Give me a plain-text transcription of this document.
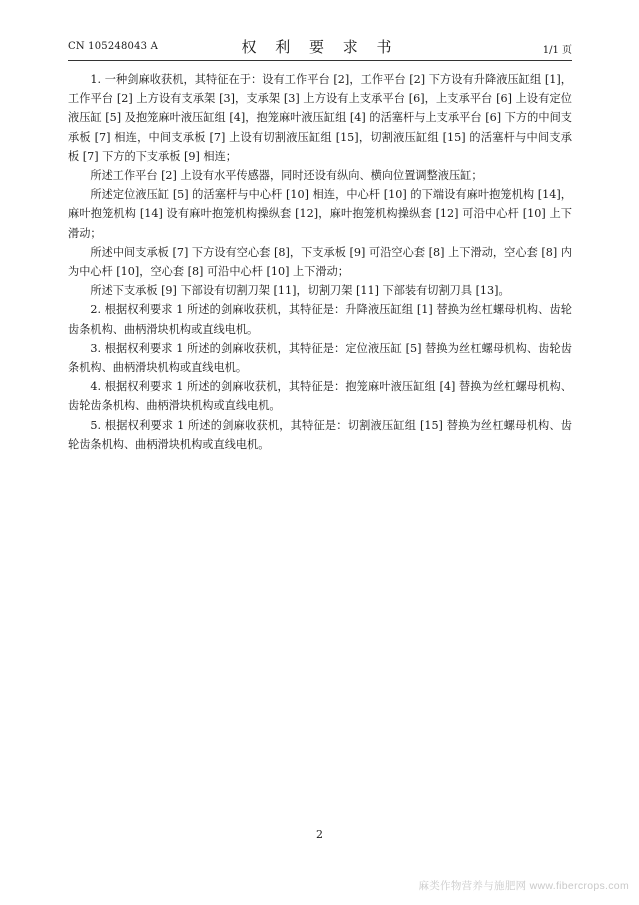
CN 105248043 A	权 利 要 求 书	1/1 页

1. 一种剑麻收获机，其特征在于：设有工作平台 [2]，工作平台 [2] 下方设有升降液压缸组 [1]，工作平台 [2] 上方设有支承架 [3]，支承架 [3] 上方设有上支承平台 [6]，上支承平台 [6] 上设有定位液压缸 [5] 及抱笼麻叶液压缸组 [4]，抱笼麻叶液压缸组 [4] 的活塞杆与上支承平台 [6] 下方的中间支承板 [7] 相连，中间支承板 [7] 上设有切割液压缸组 [15]，切割液压缸组 [15] 的活塞杆与中间支承板 [7] 下方的下支承板 [9] 相连；

所述工作平台 [2] 上设有水平传感器，同时还设有纵向、横向位置调整液压缸；

所述定位液压缸 [5] 的活塞杆与中心杆 [10] 相连，中心杆 [10] 的下端设有麻叶抱笼机构 [14]，麻叶抱笼机构 [14] 设有麻叶抱笼机构操纵套 [12]，麻叶抱笼机构操纵套 [12] 可沿中心杆 [10] 上下滑动；

所述中间支承板 [7] 下方设有空心套 [8]，下支承板 [9] 可沿空心套 [8] 上下滑动，空心套 [8] 内为中心杆 [10]，空心套 [8] 可沿中心杆 [10] 上下滑动；

所述下支承板 [9] 下部设有切割刀架 [11]，切割刀架 [11] 下部装有切割刀具 [13]。

2. 根据权利要求 1 所述的剑麻收获机，其特征是：升降液压缸组 [1] 替换为丝杠螺母机构、齿轮齿条机构、曲柄滑块机构或直线电机。

3. 根据权利要求 1 所述的剑麻收获机，其特征是：定位液压缸 [5] 替换为丝杠螺母机构、齿轮齿条机构、曲柄滑块机构或直线电机。

4. 根据权利要求 1 所述的剑麻收获机，其特征是：抱笼麻叶液压缸组 [4] 替换为丝杠螺母机构、齿轮齿条机构、曲柄滑块机构或直线电机。

5. 根据权利要求 1 所述的剑麻收获机，其特征是：切割液压缸组 [15] 替换为丝杠螺母机构、齿轮齿条机构、曲柄滑块机构或直线电机。

2
麻类作物营养与施肥网 www.fibercrops.com
